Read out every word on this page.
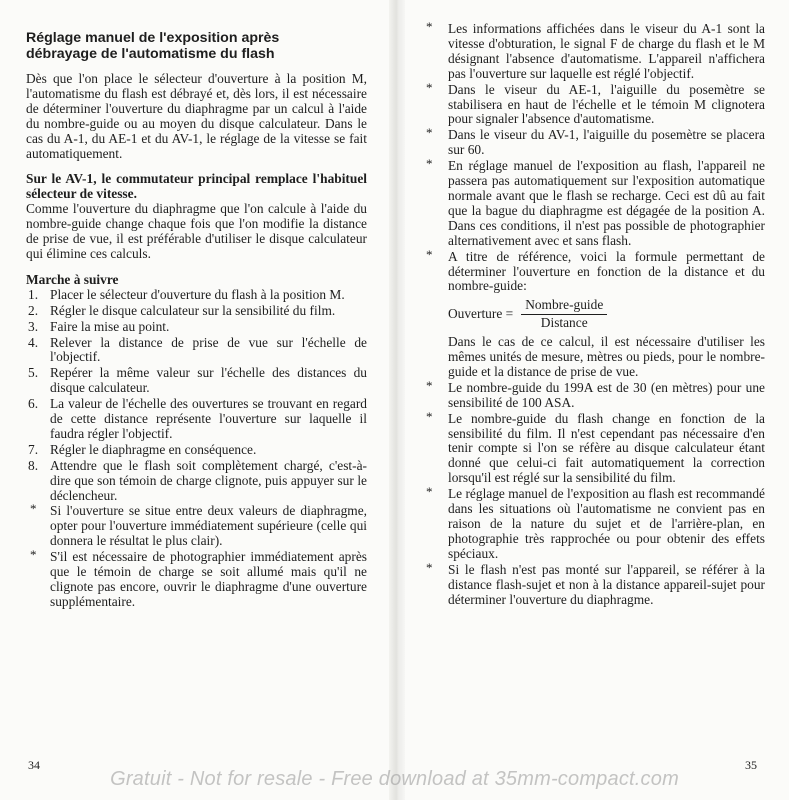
Réglage manuel de l'exposition après
débrayage de l'automatisme du flash

Dès que l'on place le sélecteur d'ouverture à la position M, l'automatisme du flash est débrayé et, dès lors, il est nécessaire de déterminer l'ouverture du diaphragme par un calcul à l'aide du nombre-guide ou au moyen du disque calculateur. Dans le cas du A-1, du AE-1 et du AV-1, le réglage de la vitesse se fait automatiquement.

Sur le AV-1, le commutateur principal remplace l'habituel sélecteur de vitesse.

Comme l'ouverture du diaphragme que l'on calcule à l'aide du nombre-guide change chaque fois que l'on modifie la distance de prise de vue, il est préférable d'utiliser le disque calculateur qui élimine ces calculs.

Marche à suivre

1. Placer le sélecteur d'ouverture du flash à la position M.
2. Régler le disque calculateur sur la sensibilité du film.
3. Faire la mise au point.
4. Relever la distance de prise de vue sur l'échelle de l'objectif.
5. Repérer la même valeur sur l'échelle des distances du disque calculateur.
6. La valeur de l'échelle des ouvertures se trouvant en regard de cette distance représente l'ouverture sur laquelle il faudra régler l'objectif.
7. Régler le diaphragme en conséquence.
8. Attendre que le flash soit complètement chargé, c'est-à-dire que son témoin de charge clignote, puis appuyer sur le déclencheur.
* Si l'ouverture se situe entre deux valeurs de diaphragme, opter pour l'ouverture immédiatement supérieure (celle qui donnera le résultat le plus clair).
* S'il est nécessaire de photographier immédiatement après que le témoin de charge se soit allumé mais qu'il ne clignote pas encore, ouvrir le diaphragme d'une ouverture supplémentaire.
* Les informations affichées dans le viseur du A-1 sont la vitesse d'obturation, le signal F de charge du flash et le M désignant l'absence d'automatisme. L'appareil n'affichera pas l'ouverture sur laquelle est réglé l'objectif.
* Dans le viseur du AE-1, l'aiguille du posemètre se stabilisera en haut de l'échelle et le témoin M clignotera pour signaler l'absence d'automatisme.
* Dans le viseur du AV-1, l'aiguille du posemètre se placera sur 60.
* En réglage manuel de l'exposition au flash, l'appareil ne passera pas automatiquement sur l'exposition automatique normale avant que le flash se recharge. Ceci est dû au fait que la bague du diaphragme est dégagée de la position A. Dans ces conditions, il n'est pas possible de photographier alternativement avec et sans flash.
* A titre de référence, voici la formule permettant de déterminer l'ouverture en fonction de la distance et du nombre-guide:
Ouverture = $\frac{\text{Nombre-guide}}{\text{Distance}}$
Dans le cas de ce calcul, il est nécessaire d'utiliser les mêmes unités de mesure, mètres ou pieds, pour le nombre-guide et la distance de prise de vue.
* Le nombre-guide du 199A est de 30 (en mètres) pour une sensibilité de 100 ASA.
* Le nombre-guide du flash change en fonction de la sensibilité du film. Il n'est cependant pas nécessaire d'en tenir compte si l'on se réfère au disque calculateur étant donné que celui-ci fait automatiquement la correction lorsqu'il est réglé sur la sensibilité du film.
* Le réglage manuel de l'exposition au flash est recommandé dans les situations où l'automatisme ne convient pas en raison de la nature du sujet et de l'arrière-plan, en photographie très rapprochée ou pour obtenir des effets spéciaux.
* Si le flash n'est pas monté sur l'appareil, se référer à la distance flash-sujet et non à la distance appareil-sujet pour déterminer l'ouverture du diaphragme.
34	35
Gratuit - Not for resale - Free download at 35mm-compact.com
